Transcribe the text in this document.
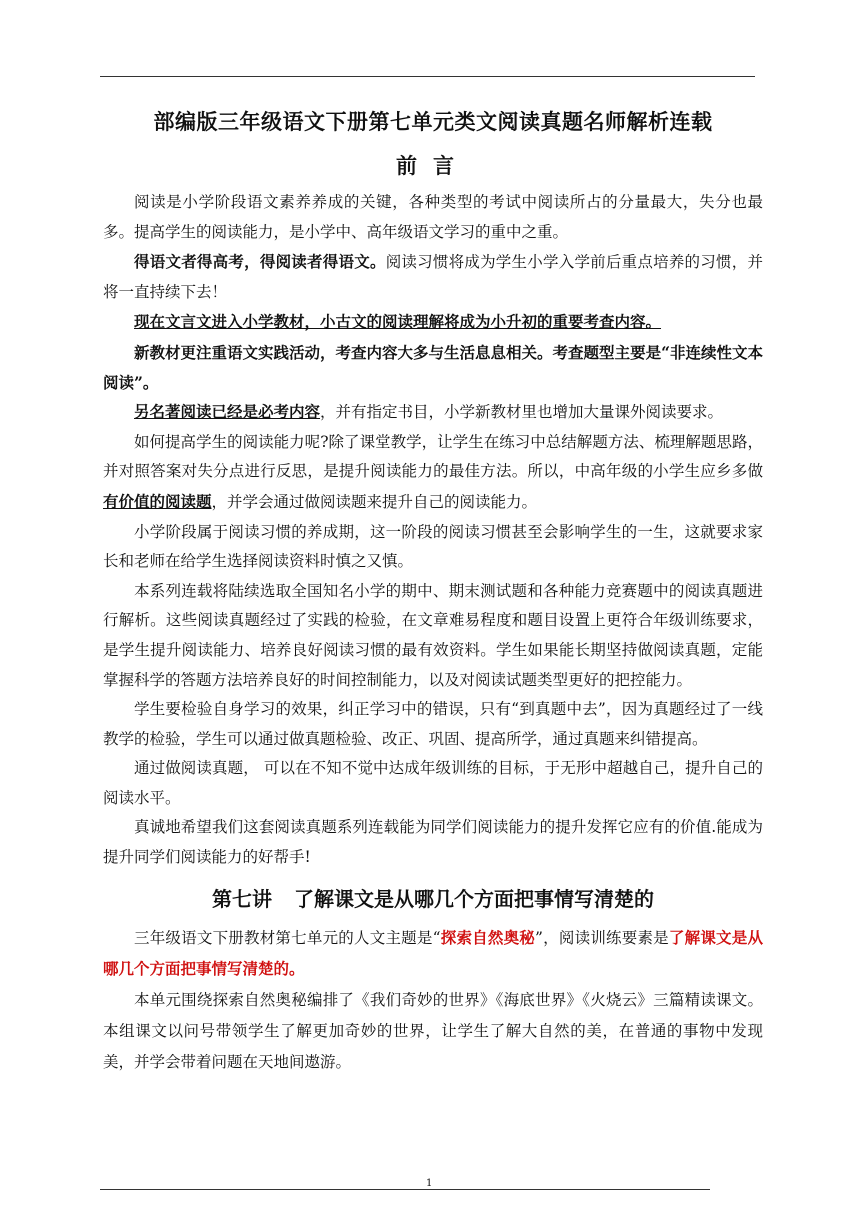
部编版三年级语文下册第七单元类文阅读真题名师解析连载
前言

阅读是小学阶段语文素养养成的关键，各种类型的考试中阅读所占的分量最大，失分也最多。提高学生的阅读能力，是小学中、高年级语文学习的重中之重。

得语文者得高考，得阅读者得语文。阅读习惯将成为学生小学入学前后重点培养的习惯，并将一直持续下去！

现在文言文进入小学教材，小古文的阅读理解将成为小升初的重要考查内容。

新教材更注重语文实践活动，考查内容大多与生活息息相关。考查题型主要是“非连续性文本阅读”。

另名著阅读已经是必考内容，并有指定书目，小学新教材里也增加大量课外阅读要求。

如何提高学生的阅读能力呢?除了课堂教学，让学生在练习中总结解题方法、梳理解题思路，并对照答案对失分点进行反思，是提升阅读能力的最佳方法。所以，中高年级的小学生应乡多做有价值的阅读题，并学会通过做阅读题来提升自己的阅读能力。

小学阶段属于阅读习惯的养成期，这一阶段的阅读习惯甚至会影响学生的一生，这就要求家长和老师在给学生选择阅读资料时慎之又慎。

本系列连载将陆续选取全国知名小学的期中、期末测试题和各种能力竞赛题中的阅读真题进行解析。这些阅读真题经过了实践的检验，在文章难易程度和题目设置上更符合年级训练要求，是学生提升阅读能力、培养良好阅读习惯的最有效资料。学生如果能长期坚持做阅读真题，定能掌握科学的答题方法培养良好的时间控制能力，以及对阅读试题类型更好的把控能力。

学生要检验自身学习的效果，纠正学习中的错误，只有“到真题中去”，因为真题经过了一线教学的检验，学生可以通过做真题检验、改正、巩固、提高所学，通过真题来纠错提高。

通过做阅读真题， 可以在不知不觉中达成年级训练的目标，于无形中超越自己，提升自己的阅读水平。

真诚地希望我们这套阅读真题系列连载能为同学们阅读能力的提升发挥它应有的价值.能成为提升同学们阅读能力的好帮手!

第七讲 了解课文是从哪几个方面把事情写清楚的

三年级语文下册教材第七单元的人文主题是“探索自然奥秘”，阅读训练要素是了解课文是从哪几个方面把事情写清楚的。

本单元围绕探索自然奥秘编排了《我们奇妙的世界》《海底世界》《火烧云》三篇精读课文。本组课文以问号带领学生了解更加奇妙的世界，让学生了解大自然的美，在普通的事物中发现美，并学会带着问题在天地间遨游。

1
